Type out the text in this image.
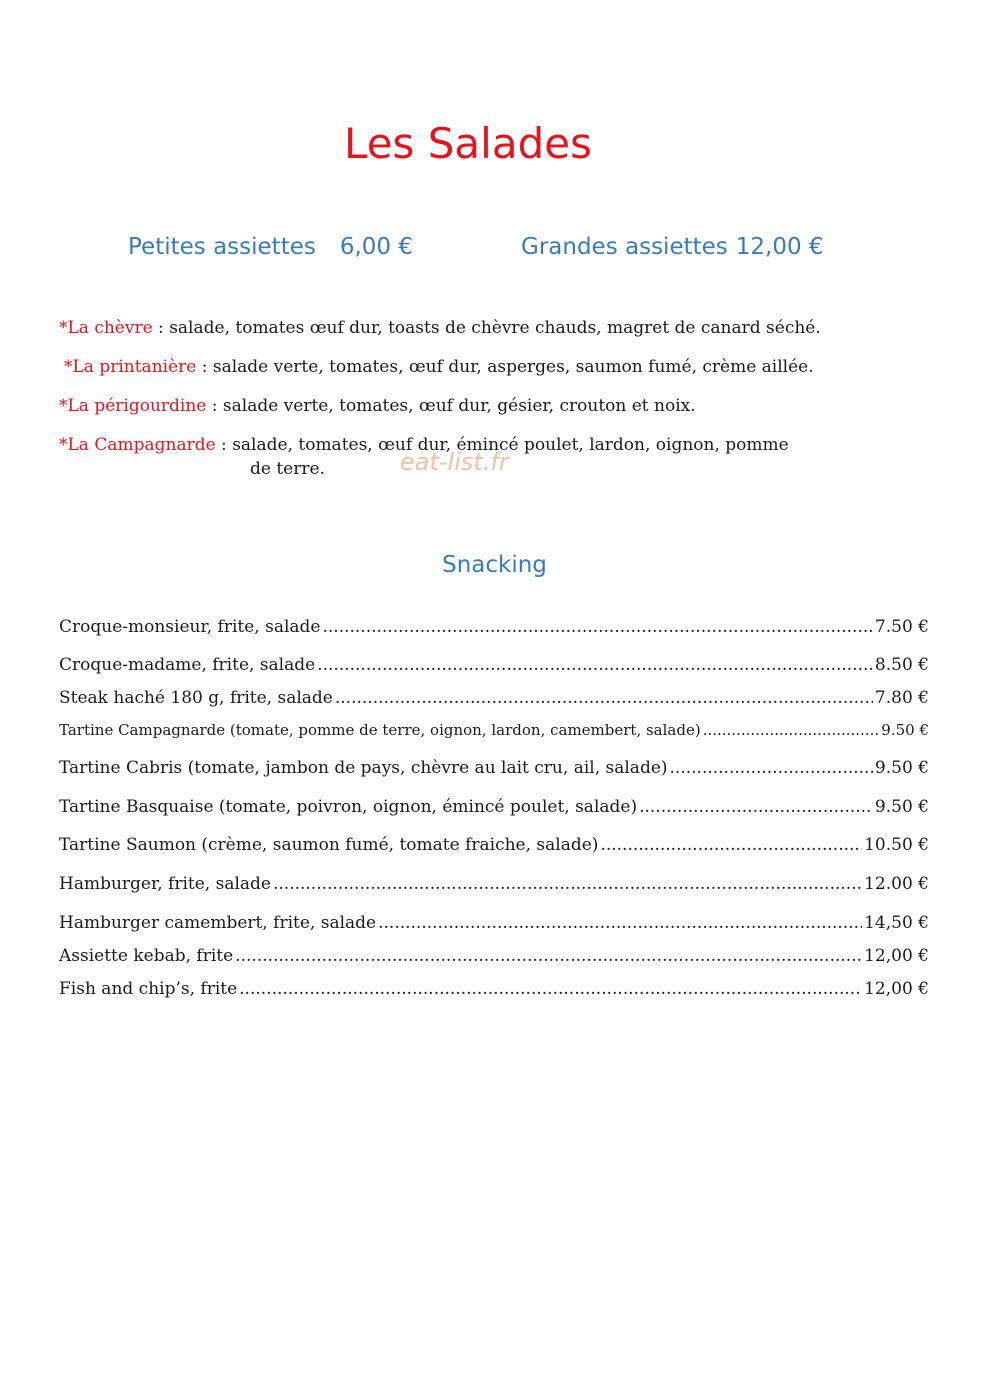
Les Salades
Petites assiettes 6,00 €	Grandes assiettes 12,00 €
*La chèvre : salade, tomates œuf dur, toasts de chèvre chauds, magret de canard séché.
*La printanière : salade verte, tomates, œuf dur, asperges, saumon fumé, crème aillée.
*La périgourdine : salade verte, tomates, œuf dur, gésier, crouton et noix.
*La Campagnarde : salade, tomates, œuf dur, émincé poulet, lardon, oignon, pomme
de terre.	eat-list.fr
Snacking
Croque-monsieur, frite, salade .....	7.50 €
Croque-madame, frite, salade .....	8.50 €
Steak haché 180 g, frite, salade .....	7.80 €
Tartine Campagnarde (tomate, pomme de terre, oignon, lardon, camembert, salade) .....	9.50 €
Tartine Cabris (tomate, jambon de pays, chèvre au lait cru, ail, salade) .....	9.50 €
Tartine Basquaise (tomate, poivron, oignon, émincé poulet, salade) .....	9.50 €
Tartine Saumon (crème, saumon fumé, tomate fraiche, salade) .....	10.50 €
Hamburger, frite, salade .....	12.00 €
Hamburger camembert, frite, salade .....	14,50 €
Assiette kebab, frite .....	12,00 €
Fish and chip’s, frite .....	12,00 €
